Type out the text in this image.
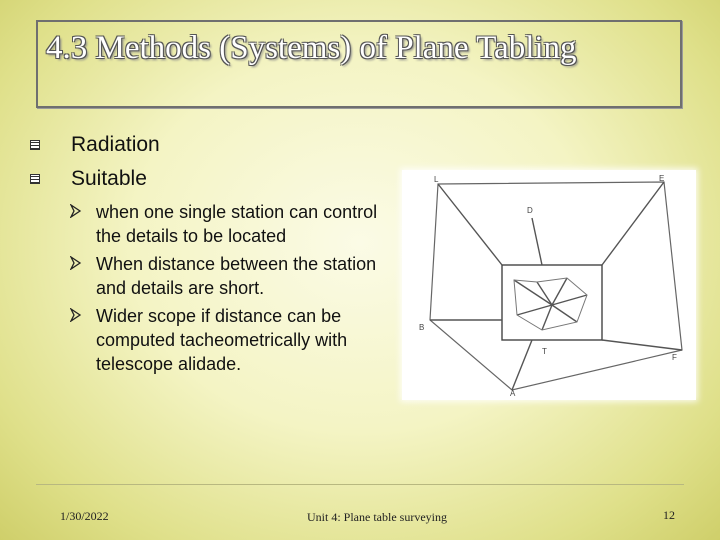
4.3 Methods (Systems) of Plane Tabling
Radiation
Suitable
when one single station can control the details to be located
When distance between the station and details are short.
Wider scope if distance can be computed tacheometrically with telescope alidade.
L	E
D
B
T
F
A
1/30/2022	Unit 4: Plane table surveying	12
